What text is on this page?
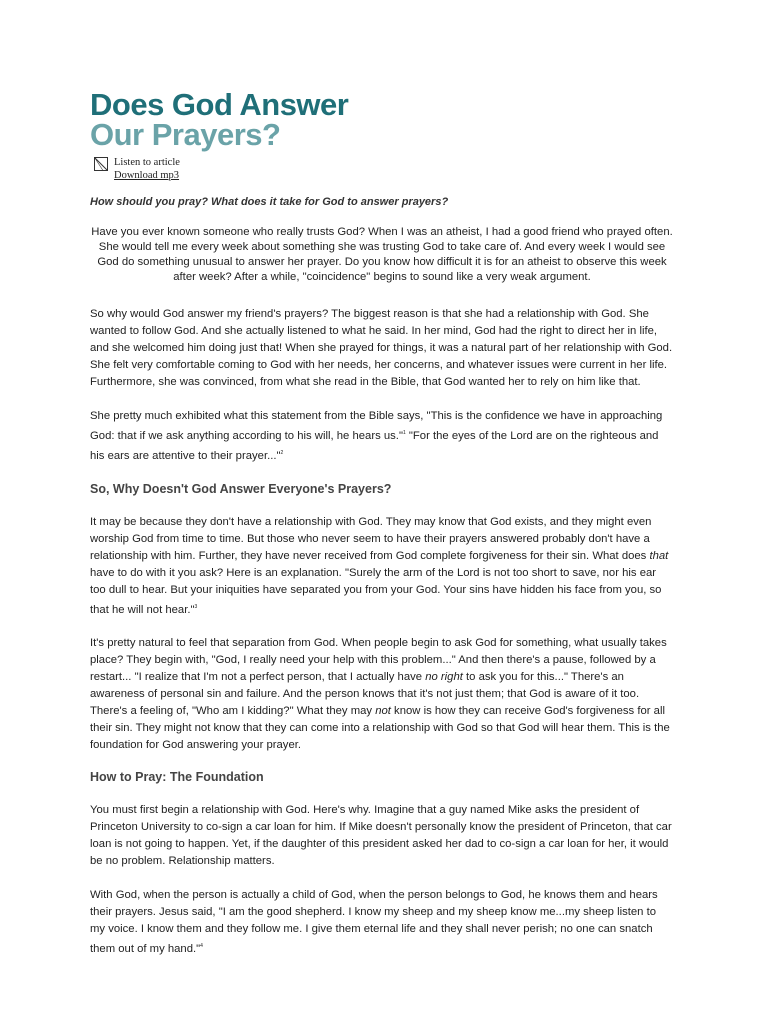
Does God Answer
Our Prayers?
Listen to article
Download mp3
How should you pray? What does it take for God to answer prayers?
Have you ever known someone who really trusts God? When I was an atheist, I had a good friend who prayed often. She would tell me every week about something she was trusting God to take care of. And every week I would see God do something unusual to answer her prayer. Do you know how difficult it is for an atheist to observe this week after week? After a while, "coincidence" begins to sound like a very weak argument.

So why would God answer my friend's prayers? The biggest reason is that she had a relationship with God. She wanted to follow God. And she actually listened to what he said. In her mind, God had the right to direct her in life, and she welcomed him doing just that! When she prayed for things, it was a natural part of her relationship with God. She felt very comfortable coming to God with her needs, her concerns, and whatever issues were current in her life. Furthermore, she was convinced, from what she read in the Bible, that God wanted her to rely on him like that.

She pretty much exhibited what this statement from the Bible says, "This is the confidence we have in approaching God: that if we ask anything according to his will, he hears us."$^1$ "For the eyes of the Lord are on the righteous and his ears are attentive to their prayer..."$^2$

So, Why Doesn't God Answer Everyone's Prayers?

It may be because they don't have a relationship with God. They may know that God exists, and they might even worship God from time to time. But those who never seem to have their prayers answered probably don't have a relationship with him. Further, they have never received from God complete forgiveness for their sin. What does that have to do with it you ask? Here is an explanation. "Surely the arm of the Lord is not too short to save, nor his ear too dull to hear. But your iniquities have separated you from your God. Your sins have hidden his face from you, so that he will not hear."$^3$

It's pretty natural to feel that separation from God. When people begin to ask God for something, what usually takes place? They begin with, "God, I really need your help with this problem..." And then there's a pause, followed by a restart... "I realize that I'm not a perfect person, that I actually have no right to ask you for this..." There's an awareness of personal sin and failure. And the person knows that it's not just them; that God is aware of it too. There's a feeling of, "Who am I kidding?" What they may not know is how they can receive God's forgiveness for all their sin. They might not know that they can come into a relationship with God so that God will hear them. This is the foundation for God answering your prayer.

How to Pray: The Foundation

You must first begin a relationship with God. Here's why. Imagine that a guy named Mike asks the president of Princeton University to co-sign a car loan for him. If Mike doesn't personally know the president of Princeton, that car loan is not going to happen. Yet, if the daughter of this president asked her dad to co-sign a car loan for her, it would be no problem. Relationship matters.

With God, when the person is actually a child of God, when the person belongs to God, he knows them and hears their prayers. Jesus said, "I am the good shepherd. I know my sheep and my sheep know me...my sheep listen to my voice. I know them and they follow me. I give them eternal life and they shall never perish; no one can snatch them out of my hand."$^4$
